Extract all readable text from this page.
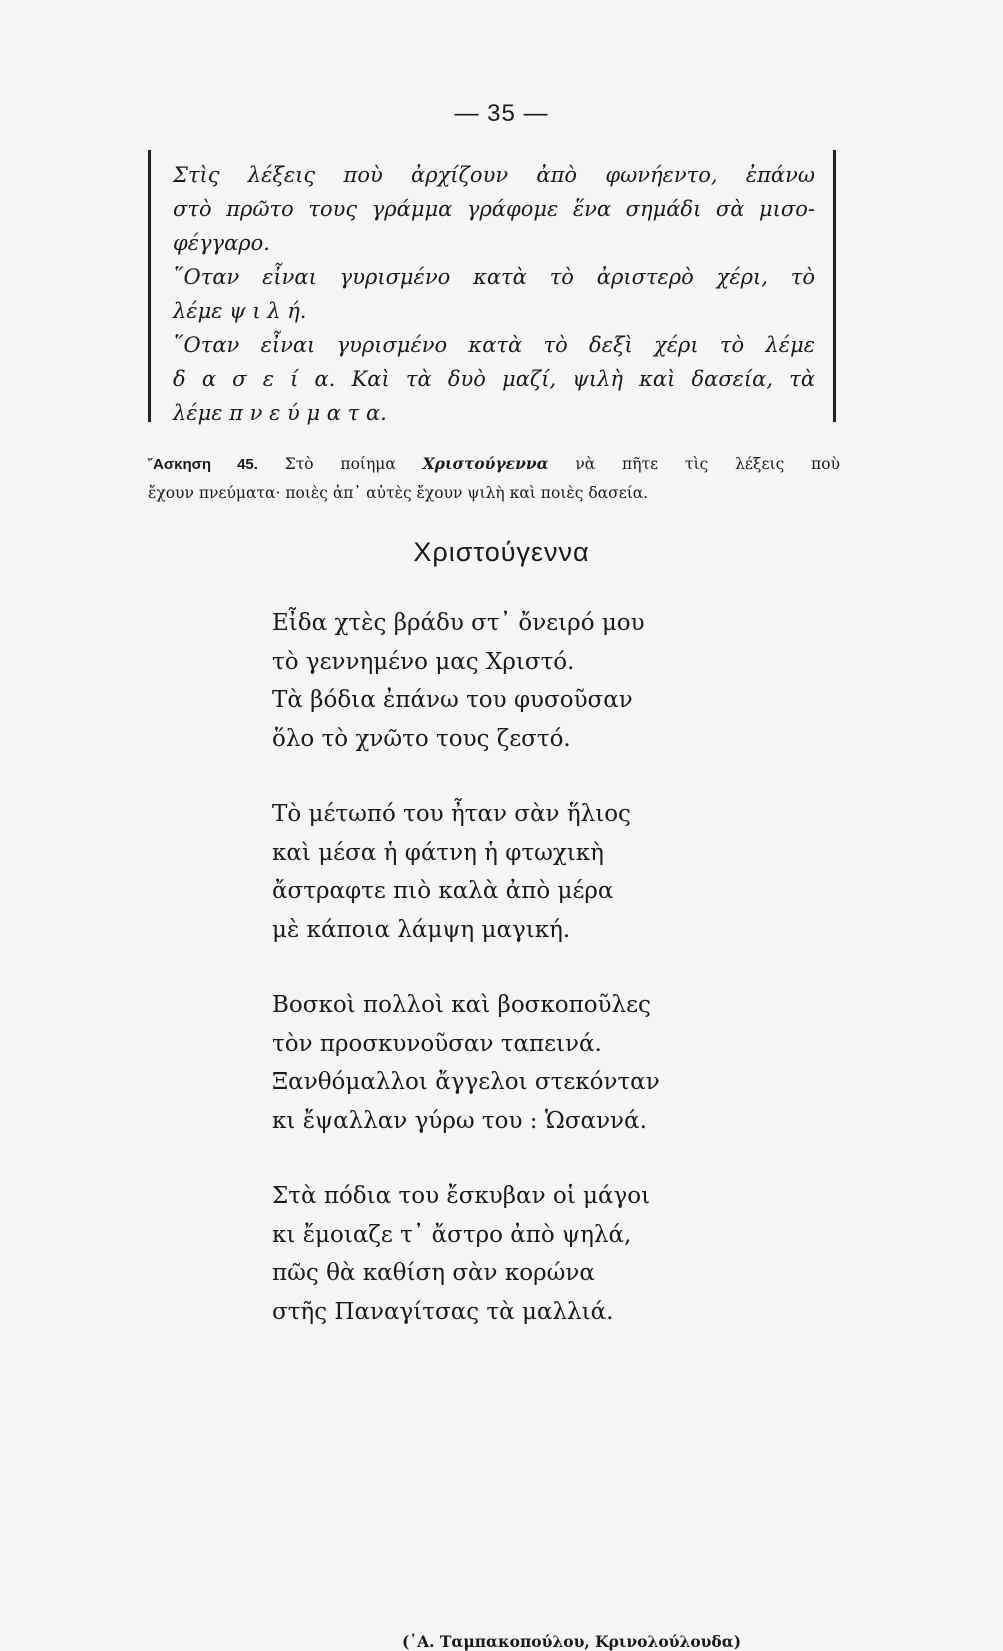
— 35 —
Στὶς λέξεις ποὺ ἀρχίζουν ἀπὸ φωνήεντο, ἐπάνω
στὸ πρῶτο τους γράμμα γράφομε ἕνα σημάδι σὰ μισο-
φέγγαρο.
῞Οταν εἶναι γυρισμένο κατὰ τὸ ἀριστερὸ χέρι, τὸ
λέμε ψ ι λ ή.
῞Οταν εἶναι γυρισμένο κατὰ τὸ δεξὶ χέρι τὸ λέμε
δ α σ ε ί α. Καὶ τὰ δυὸ μαζί, ψιλὴ καὶ δασεία, τὰ
λέμε π ν ε ύ μ α τ α.
῎Ασκηση 45. Στὸ ποίημα Χριστούγεννα νὰ πῆτε τὶς λέξεις ποὺ
ἔχουν πνεύματα· ποιὲς ἀπ᾽ αὐτὲς ἔχουν ψιλὴ καὶ ποιὲς δασεία.
Χριστούγεννα
Εἶδα χτὲς βράδυ στ᾽ ὄνειρό μου
τὸ γεννημένο μας Χριστό.
Τὰ βόδια ἐπάνω του φυσοῦσαν
ὅλο τὸ χνῶτο τους ζεστό.
Τὸ μέτωπό του ἦταν σὰν ἥλιος
καὶ μέσα ἡ φάτνη ἡ φτωχικὴ
ἄστραφτε πιὸ καλὰ ἀπὸ μέρα
μὲ κάποια λάμψη μαγική.
Βοσκοὶ πολλοὶ καὶ βοσκοποῦλες
τὸν προσκυνοῦσαν ταπεινά.
Ξανθόμαλλοι ἄγγελοι στεκόνταν
κι ἔψαλλαν γύρω του : Ὡσαννά.
Στὰ πόδια του ἔσκυβαν οἱ μάγοι
κι ἔμοιαζε τ᾽ ἄστρο ἀπὸ ψηλά,
πῶς θὰ καθίση σὰν κορώνα
στῆς Παναγίτσας τὰ μαλλιά.
(᾽Α. Ταμπακοπούλου, Κρινολούλουδα)
